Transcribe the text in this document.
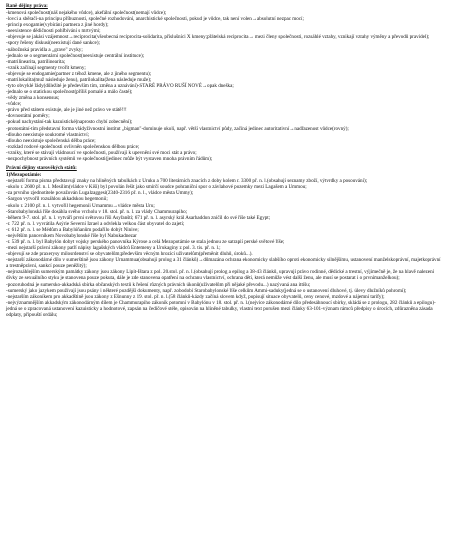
Raně dějiny práva:
-kmenová společnost(náš nejakého vůdce), akefální společnost(nemají vůdce);
-lovci a sběrači-na principu příbuznosti, společné rozhodování, anarchistické společnosti, pokud je vůdce, tak není volen→absolutní nezpac mocí;
-princip exogamie(vybírání partnera z jiné hordy);
-neexistence dědičnosti pohřbívání s mrtvými;
-objevuje se jakási vzájemnost→reciprocita(všeobecná reciprocita-solidarita, příslušníci X kmeny;přátelská reciprocita→ mezi členy společnosti, rozsáhlé vztahy, vznikají vztahy výměny a převodů pravidel);
-spory řešeny diskusí(neexistují dané sankce);
-nábožnská pravidla a „grave" zvyky;
-jednalo se o segmentární společnost(neexistuje centrální instituce);
-matrilinearita, patrilinearita;
-vznik začínají segmenty tvořit kmeny;
-objevuje se endogamie(partner z téhož kmene, ale z jiného segmentu);
-matrilokalita(muž následuje ženu), patrilokalita(žena následuje muže);
-tyto obvyklé řády(důležité je především tím, změna a uznávání)-STARÉ PRÁVO RUŠÍ NOVÉ→opak dneška;
-jednalo se o statickou společnost(příliš pomalé a málo časté);
-vědy změna a konsensus;
-vůdce;
-právo před státem existuje, ale je jiné než právo ve státě!!!
-dovnostátní poměry;
-pokud nachystání-tak kazuistické(naprosto chybí zobecnění);
-protostátní-tím představní forma vládyživnostní institut „bigman"-dominuje okolí, např. větší vlastnictví půdy, začíná jedinec autoritativní→nadřazenost vůdce(rovný);
-dlouho neexistuje soukromé vlastnictví;
-dlouho neexistuje společenská dělba práce;
-rozklad rodové společnosti ovlivněn společenskou dělbou práce;
-vzniky, které se stávají vládnoucí ve společnosti, používají k upevnění své moci stát a právo;
-nezpochybnost právních systémů ve společnosti(jedinec může být vystaven mnoha právním řádům);
Právní dějiny starověkých států:
1)Mezopotámie:
-nejstarší forma písma představují znaky na hliněných tabulkách z Uruku a 700 literárních znacích z doby kolem r. 3300 př. n. l.(obsahují seznamy zboží, výtvrdky a posouvání);
-okolo r. 2600 př. n. l. Mesilim(vládce v Kiši) byl povolán řešit jako smírčí soudce pohraniční spor o závlahové pozemky mezi Lagašem a Ummou;
-za prvního zjednotitele považován Lugalzaggesi(2340-2316 př. n. l., vládce města Ummy);
-Sargon vytvořil rozsáhlou akkadskou hegemonii;
-okolo r. 2100 př. n. l. vytvořil hegemonii Urnammu→vládce města Uru;
-Starobabylonská říše dosáhla svého vrcholu v 18. stol. př. n. l. za vlády Chammurapiho;
-během 9-7. stol. př. n. l. vytváří první světovou říši Asyřanští; 671 př. n. l. asyrský král Asarhaddon zničil do své říše také Egypt;
-r. 722 př. n. l. vyvrátila Asýrie Severní Izrael a odvlekla velkou část obyvatel do zajetí;
-r. 612 př. n. l. se Médům a Babylóňanům podařilo dobýt Ninive;
-největším panovníkem Novobabylonské říše byl Nabukadnezar
-r. 539 př. n. l. byl Babylón dobyt vojsky perského panovníka Kýrose a celá Mezopotámie se stala jednou ze satrapií perské světové říše;
-mezi nejstarší právní zákony patří nápisy lagašských vládců Entemeny a Urukaginy z pol. 3. tis. př. n. l.;
-objevují se zde praxerysy milosrdenství se obyvatelům;především věcným hrozící uživatelům(přeměnit dluhů, úroků...).
-nejstarší zákonodárné dílo v sumerštině jsou zákony Urnammua(obsahují prolog a 31 článků)→důmazána ochrana ekonomicky slabšího oproti ekonomicky silnějšímu, ustanovení manželskoprávní, majetkoprávní a trestněprávní, sankcí pouze peněžitý);
-nejrozsáhlejším sumerským památky zákony jsou zákony Lipit-Ištara z pol. 20.stol. př. n. l.(obsahují prolog a epilog a 38-43 článků, upravují právo rodinné, dědické a trestní, výjimečně je, že na hlavě nalezení dívky ze sexuálního styku je stanovena pouze pokuta, dále je zde stanovena opatření na ochranu vlastnictví, ochrana dětí, která nemůže vést další ženu, ale musí se postarat i o prvnímanželkou);
-pozoruhodná je sumersko-akkadská sbírka občanských textů k řešení různých právních úkonů(uživatelům při nějaké převodu...) nazývaná ana ittišu;
-sumerský jako jazykem používají jsou psány i některé pozdější dokumenty, např. zobodobí Starobabylonské říše celkům Ammi-saduky(jedná se o ustanovení dluhové, tj. úlevy dlužníků pohromí);
-nejstarším zákoníkem pro akkadštině jsou zákony z Ešnunny z 19. stol. př. n. l.(58 článků-kázdy začíná slovem když, popisují situace obyvatelů, ceny cenové, mzdové a nájemní tarify);
-nejvýznamnějším akkadským zákonodárným dílem je Chammurapiho zákoník potomní v Babylónu v 18. stol. př. n. l.(nejvíce zákonodárné dílo předesáhnoucí sbírky, skládá se z prologu, 282 článků a epilogu)-jedná se o zpracovaná ustanovení kazuisticky a hodnotové, zapsán na čedičové stéle, opisován na hliněné tabulky, vlastní text porušen mezi články 63-101-význam rámců předpisy o úrocích, zdůrazněna zásada odplaty, připouští ordálu;
